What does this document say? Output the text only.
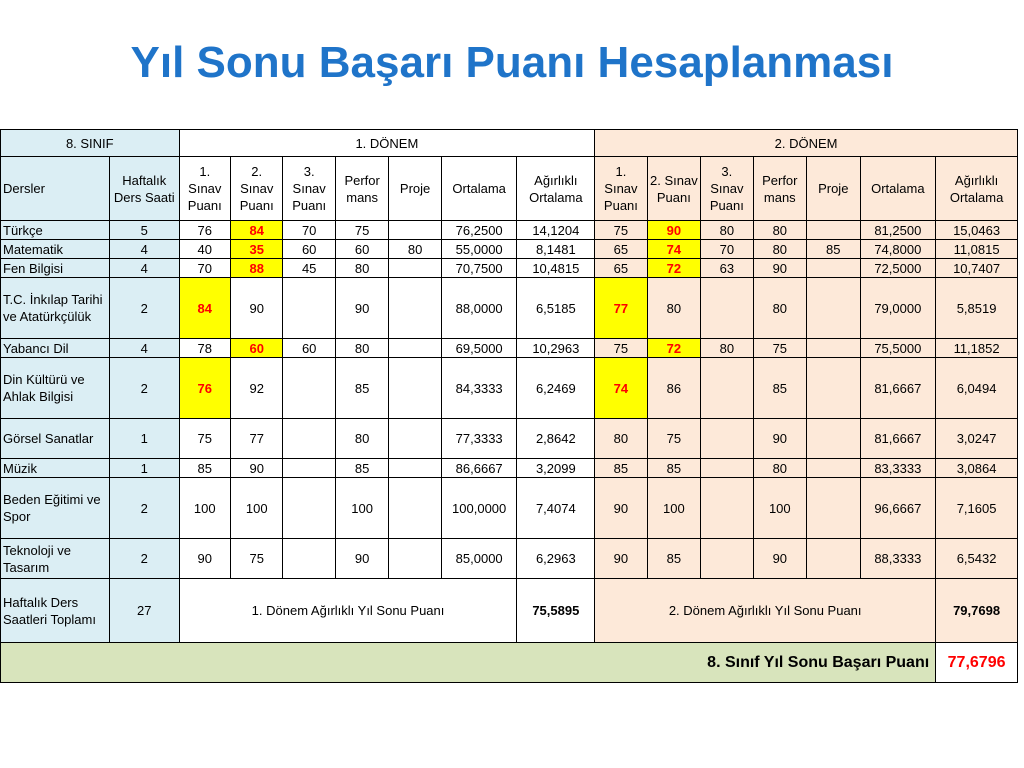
Yıl Sonu Başarı Puanı Hesaplanması
8. SINIF		1. DÖNEM							2. DÖNEM						
Dersler	Haftalık Ders Saati	1. Sınav Puanı	2. Sınav Puanı	3. Sınav Puanı	Perfor mans	Proje	Ortalama	Ağırlıklı Ortalama	1. Sınav Puanı	2. Sınav Puanı	3. Sınav Puanı	Perfor mans	Proje	Ortalama	Ağırlıklı Ortalama
Türkçe	5	76	84	70	75		76,2500	14,1204	75	90	80	80		81,2500	15,0463
Matematik	4	40	35	60	60	80	55,0000	8,1481	65	74	70	80	85	74,8000	11,0815
Fen Bilgisi	4	70	88	45	80		70,7500	10,4815	65	72	63	90		72,5000	10,7407
T.C. İnkılap Tarihi ve Atatürkçülük	2	84	90		90		88,0000	6,5185	77	80		80		79,0000	5,8519
Yabancı Dil	4	78	60	60	80		69,5000	10,2963	75	72	80	75		75,5000	11,1852
Din Kültürü ve Ahlak Bilgisi	2	76	92		85		84,3333	6,2469	74	86		85		81,6667	6,0494
Görsel Sanatlar	1	75	77		80		77,3333	2,8642	80	75		90		81,6667	3,0247
Müzik	1	85	90		85		86,6667	3,2099	85	85		80		83,3333	3,0864
Beden Eğitimi ve Spor	2	100	100		100		100,0000	7,4074	90	100		100		96,6667	7,1605
Teknoloji ve Tasarım	2	90	75		90		85,0000	6,2963	90	85		90		88,3333	6,5432
Haftalık Ders Saatleri Toplamı	27	1. Dönem Ağırlıklı Yıl Sonu Puanı						75,5895	2. Dönem Ağırlıklı Yıl Sonu Puanı						79,7698
8. Sınıf Yıl Sonu Başarı Puanı															77,6796
